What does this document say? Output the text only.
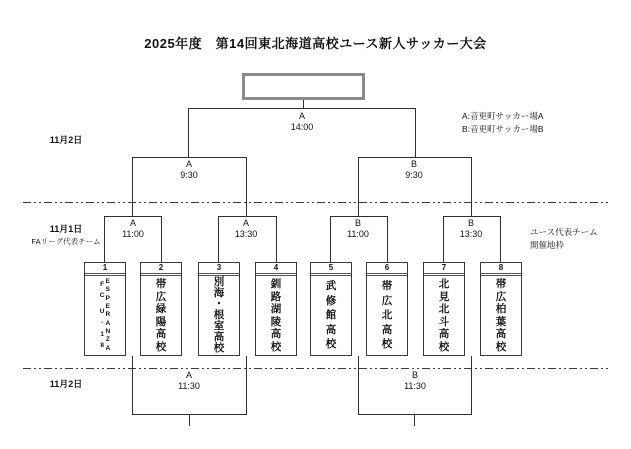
2025年度　第14回東北海道高校ユース新人サッカー大会
A:音更町サッカー場A
B:音更町サッカー場B
11月2日
11月1日
FAリーグ代表チーム
11月2日
ユース代表チーム
開催地枠
A
14:00
A
9:30
B
9:30
A
11:00
A
13:30
B
11:00
B
13:30
A
11:30
B
11:30
1
E
S
P
E
R
A
N
Z
A
F
C
U
-
1
8
2
帯
広
緑
陽
高
校
3
別
海
・
根
室
高
校
4
釧
路
湖
陵
高
校
5
武
修
館
高
校
6
帯
広
北
高
校
7
北
見
北
斗
高
校
8
帯
広
柏
葉
高
校
